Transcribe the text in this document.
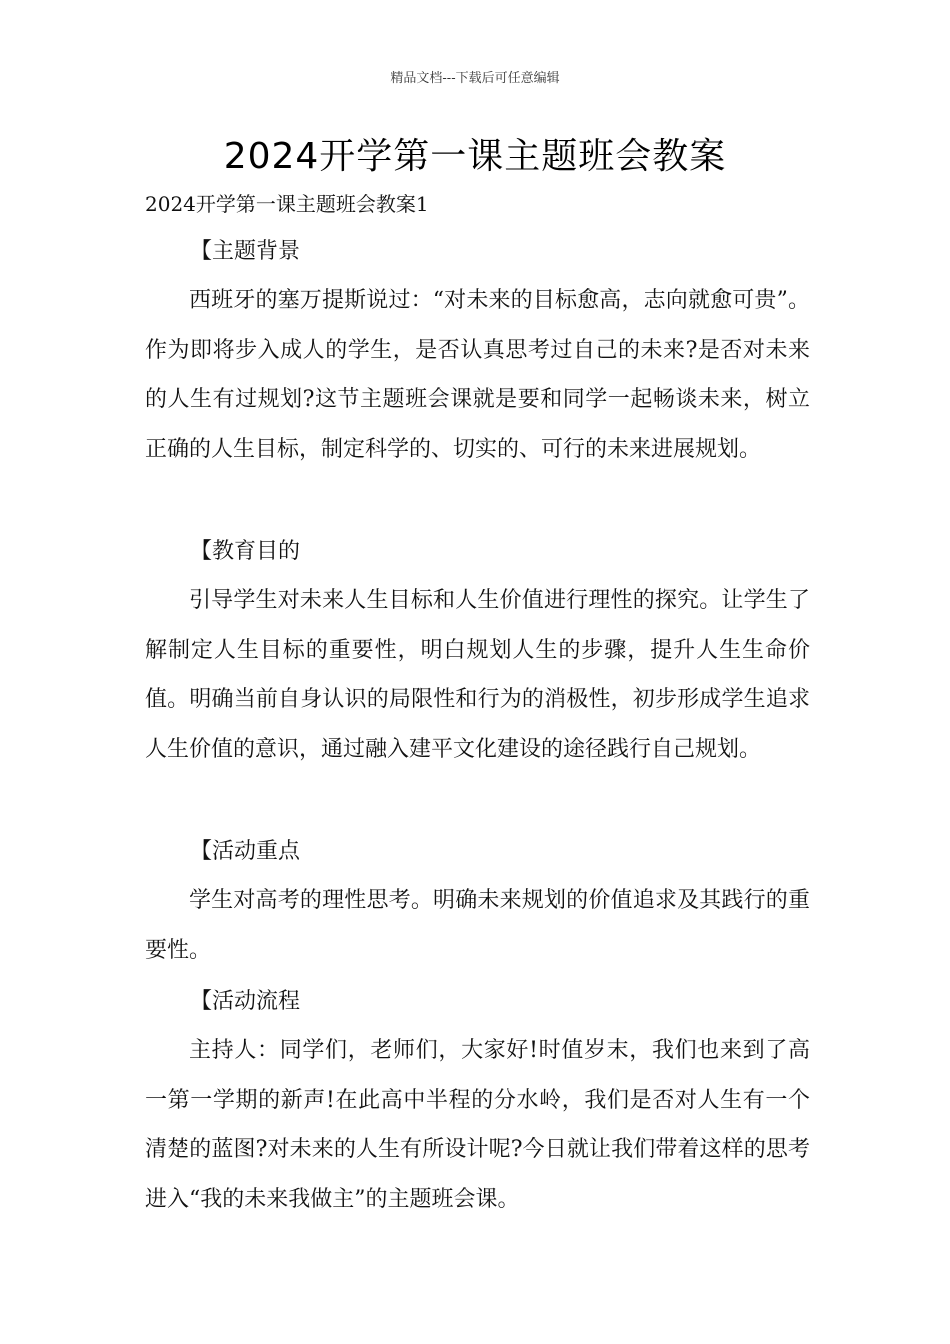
精品文档---下载后可任意编辑
2024开学第一课主题班会教案
2024开学第一课主题班会教案1
【主题背景

西班牙的塞万提斯说过：“对未来的目标愈高，志向就愈可贵”。作为即将步入成人的学生，是否认真思考过自己的未来?是否对未来的人生有过规划?这节主题班会课就是要和同学一起畅谈未来，树立正确的人生目标，制定科学的、切实的、可行的未来进展规划。

【教育目的

引导学生对未来人生目标和人生价值进行理性的探究。让学生了解制定人生目标的重要性，明白规划人生的步骤，提升人生生命价值。明确当前自身认识的局限性和行为的消极性，初步形成学生追求人生价值的意识，通过融入建平文化建设的途径践行自己规划。

【活动重点

学生对高考的理性思考。明确未来规划的价值追求及其践行的重要性。

【活动流程

主持人：同学们，老师们，大家好!时值岁末，我们也来到了高一第一学期的新声!在此高中半程的分水岭，我们是否对人生有一个清楚的蓝图?对未来的人生有所设计呢?今日就让我们带着这样的思考进入“我的未来我做主”的主题班会课。
